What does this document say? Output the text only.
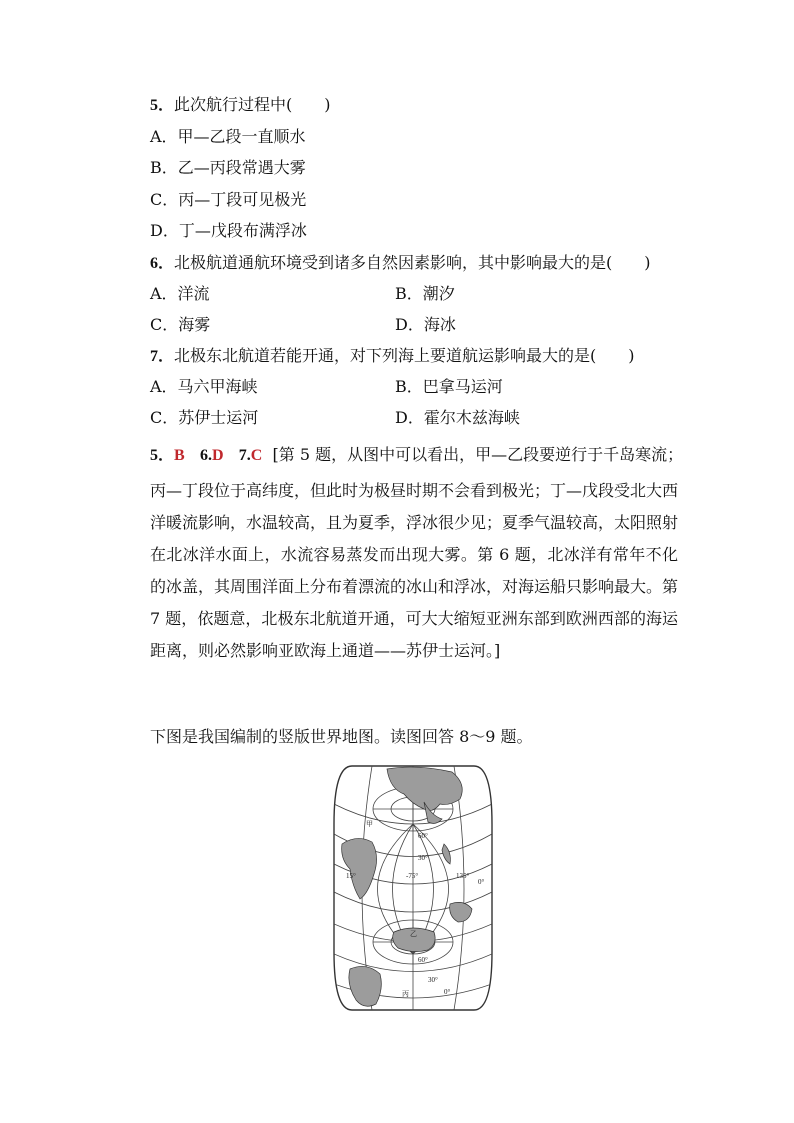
5．此次航行过程中(　　)
A．甲—乙段一直顺水
B．乙—丙段常遇大雾
C．丙—丁段可见极光
D．丁—戊段布满浮冰
6．北极航道通航环境受到诸多自然因素影响，其中影响最大的是(　　)
A．洋流	B．潮汐
C．海雾	D．海冰
7．北极东北航道若能开通，对下列海上要道航运影响最大的是(　　)
A．马六甲海峡	B．巴拿马运河
C．苏伊士运河	D．霍尔木兹海峡
5．B 6.D 7.C [第 5 题，从图中可以看出，甲—乙段要逆行于千岛寒流；
丙—丁段位于高纬度，但此时为极昼时期不会看到极光；丁—戊段受北大西洋暖流影响，水温较高，且为夏季，浮冰很少见；夏季气温较高，太阳照射在北冰洋水面上，水流容易蒸发而出现大雾。第 6 题，北冰洋有常年不化的冰盖，其周围洋面上分布着漂流的冰山和浮冰，对海运船只影响最大。第 7 题，依题意，北极东北航道开通，可大大缩短亚洲东部到欧洲西部的海运距离，则必然影响亚欧海上通道——苏伊士运河。]
下图是我国编制的竖版世界地图。读图回答 8～9 题。
甲
乙
丙
60°
30°
135°
0°
-75°
15°
60°
30°
0°
